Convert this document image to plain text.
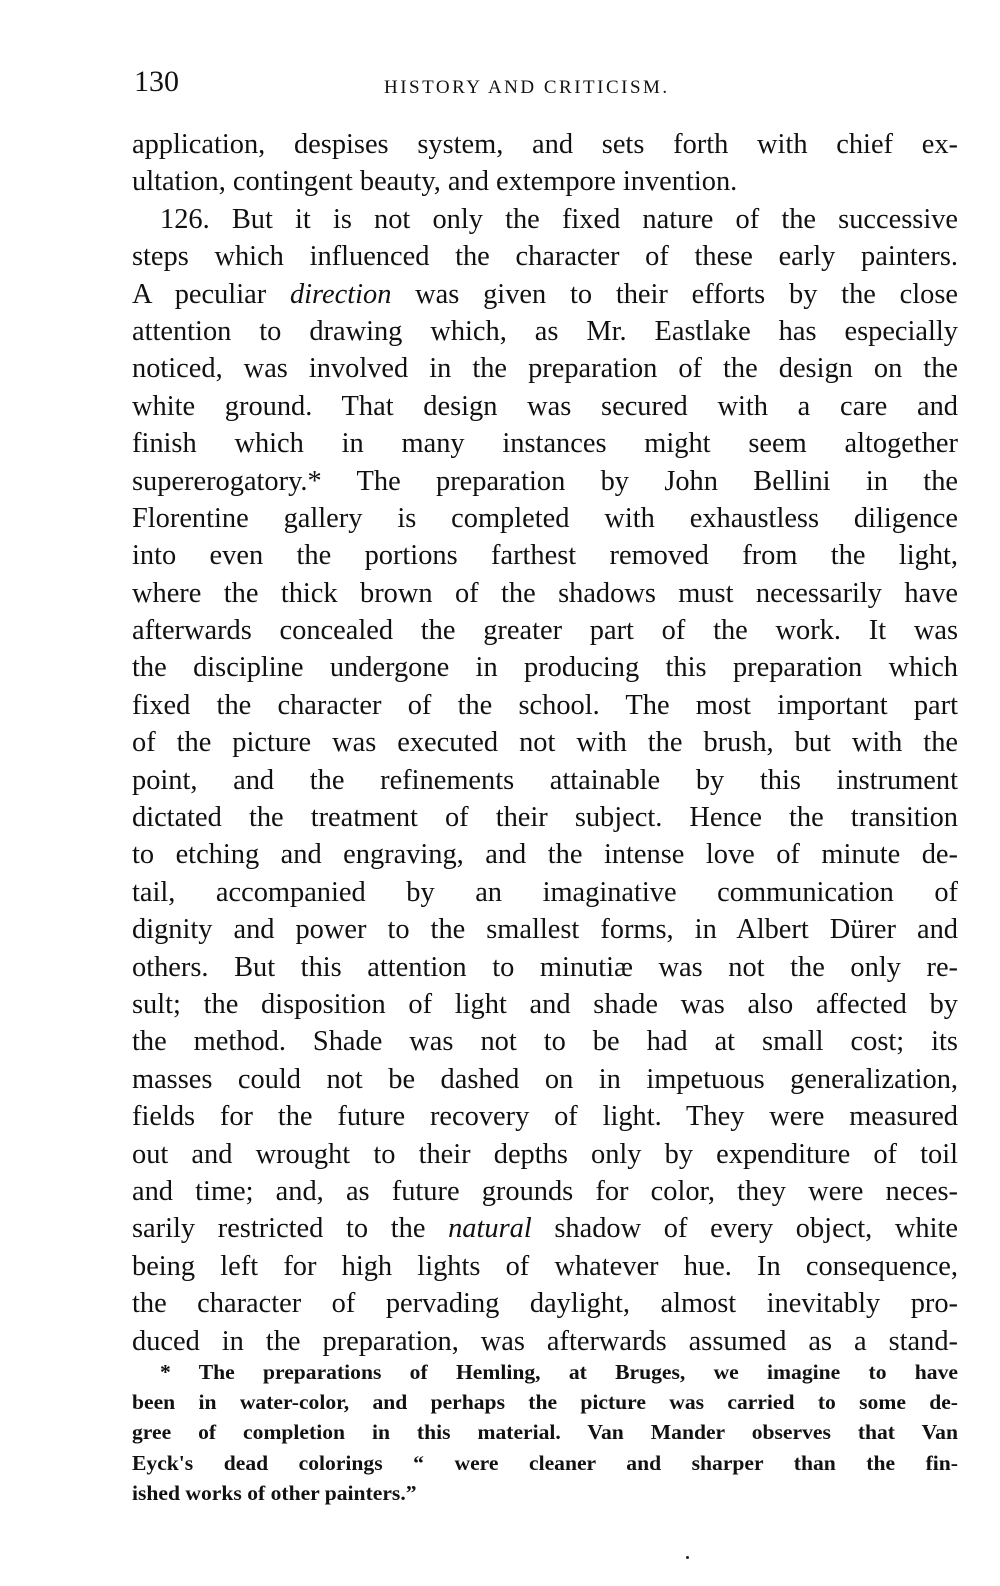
130	HISTORY AND CRITICISM.
application, despises system, and sets forth with chief ex-
ultation, contingent beauty, and extempore invention.
126. But it is not only the fixed nature of the successive
steps which influenced the character of these early painters.
A peculiar direction was given to their efforts by the close
attention to drawing which, as Mr. Eastlake has especially
noticed, was involved in the preparation of the design on the
white ground. That design was secured with a care and
finish which in many instances might seem altogether
supererogatory.* The preparation by John Bellini in the
Florentine gallery is completed with exhaustless diligence
into even the portions farthest removed from the light,
where the thick brown of the shadows must necessarily have
afterwards concealed the greater part of the work. It was
the discipline undergone in producing this preparation which
fixed the character of the school. The most important part
of the picture was executed not with the brush, but with the
point, and the refinements attainable by this instrument
dictated the treatment of their subject. Hence the transition
to etching and engraving, and the intense love of minute de-
tail, accompanied by an imaginative communication of
dignity and power to the smallest forms, in Albert Dürer and
others. But this attention to minutiæ was not the only re-
sult; the disposition of light and shade was also affected by
the method. Shade was not to be had at small cost; its
masses could not be dashed on in impetuous generalization,
fields for the future recovery of light. They were measured
out and wrought to their depths only by expenditure of toil
and time; and, as future grounds for color, they were neces-
sarily restricted to the natural shadow of every object, white
being left for high lights of whatever hue. In consequence,
the character of pervading daylight, almost inevitably pro-
duced in the preparation, was afterwards assumed as a stand-
* The preparations of Hemling, at Bruges, we imagine to have
been in water-color, and perhaps the picture was carried to some de-
gree of completion in this material. Van Mander observes that Van
Eyck's dead colorings “ were cleaner and sharper than the fin-
ished works of other painters.”
